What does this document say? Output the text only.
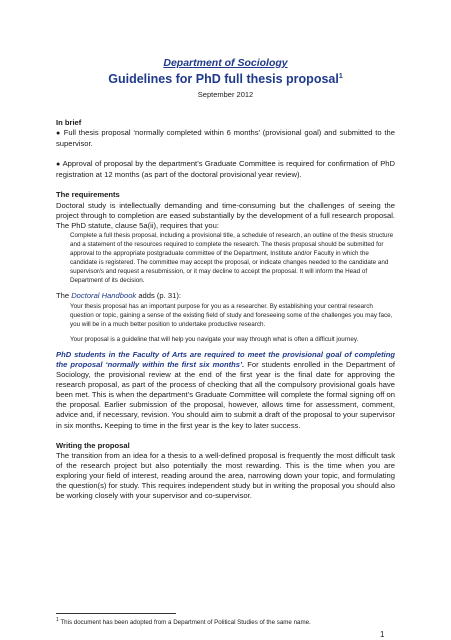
Department of Sociology
Guidelines for PhD full thesis proposal$^1$
September 2012

In brief

● Full thesis proposal ‘normally completed within 6 months’ (provisional goal) and submitted to the supervisor.

● Approval of proposal by the department’s Graduate Committee is required for confirmation of PhD registration at 12 months (as part of the doctoral provisional year review).

The requirements

Doctoral study is intellectually demanding and time-consuming but the challenges of seeing the project through to completion are eased substantially by the development of a full research proposal. The PhD statute, clause 5a(ii), requires that you:

Complete a full thesis proposal, including a provisional title, a schedule of research, an outline of the thesis structure and a statement of the resources required to complete the research. The thesis proposal should be submitted for approval to the appropriate postgraduate committee of the Department, Institute and/or Faculty in which the candidate is registered. The committee may accept the proposal, or indicate changes needed to the candidate and supervisor/s and request a resubmission, or it may decline to accept the proposal. It will inform the Head of Department of its decision.

The Doctoral Handbook adds (p. 31):

Your thesis proposal has an important purpose for you as a researcher. By establishing your central research question or topic, gaining a sense of the existing field of study and foreseeing some of the challenges you may face, you will be in a much better position to undertake productive research.

Your proposal is a guideline that will help you navigate your way through what is often a difficult journey.

PhD students in the Faculty of Arts are required to meet the provisional goal of completing the proposal ‘normally within the first six months’. For students enrolled in the Department of Sociology, the provisional review at the end of the first year is the final date for approving the research proposal, as part of the process of checking that all the compulsory provisional goals have been met. This is when the department’s Graduate Committee will complete the formal signing off on the proposal. Earlier submission of the proposal, however, allows time for assessment, comment, advice and, if necessary, revision. You should aim to submit a draft of the proposal to your supervisor in six months. Keeping to time in the first year is the key to later success.

Writing the proposal

The transition from an idea for a thesis to a well-defined proposal is frequently the most difficult task of the research project but also potentially the most rewarding. This is the time when you are exploring your field of interest, reading around the area, narrowing down your topic, and formulating the question(s) for study. This requires independent study but in writing the proposal you should also be working closely with your supervisor and co-supervisor.

$^1$ This document has been adopted from a Department of Political Studies of the same name.
1
